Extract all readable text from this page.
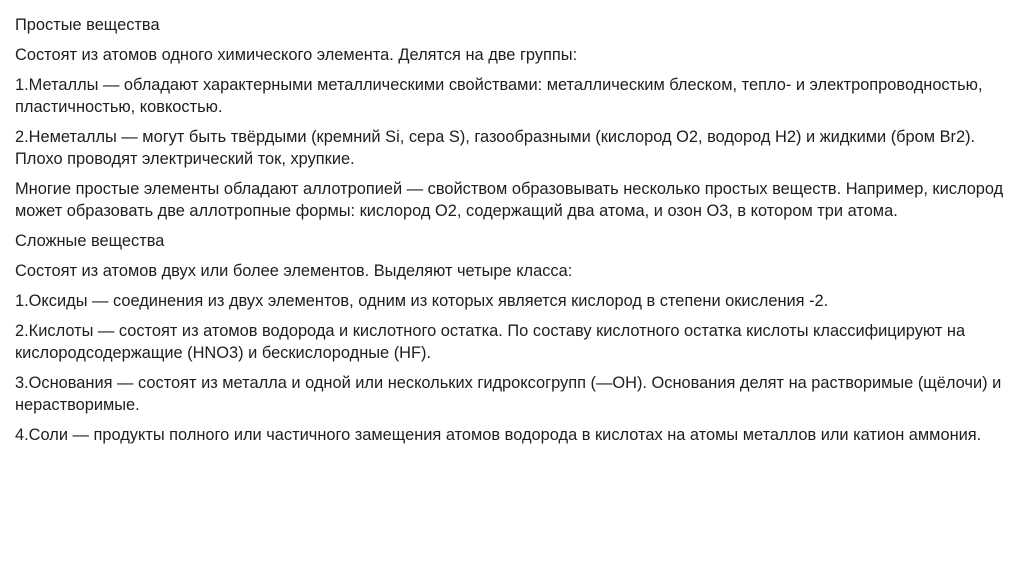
Простые вещества

Состоят из атомов одного химического элемента. Делятся на две группы:

1.Металлы — обладают характерными металлическими свойствами: металлическим блеском, тепло- и электропроводностью, пластичностью, ковкостью.

2.Неметаллы — могут быть твёрдыми (кремний Si, сера S), газообразными (кислород O2, водород H2) и жидкими (бром Br2). Плохо проводят электрический ток, хрупкие.

Многие простые элементы обладают аллотропией — свойством образовывать несколько простых веществ. Например, кислород может образовать две аллотропные формы: кислород O2, содержащий два атома, и озон O3, в котором три атома.

Сложные вещества

Состоят из атомов двух или более элементов. Выделяют четыре класса:

1.Оксиды — соединения из двух элементов, одним из которых является кислород в степени окисления -2.

2.Кислоты — состоят из атомов водорода и кислотного остатка. По составу кислотного остатка кислоты классифицируют на кислородсодержащие (HNO3) и бескислородные (HF).

3.Основания — состоят из металла и одной или нескольких гидроксогрупп (—OH). Основания делят на растворимые (щёлочи) и нерастворимые.

4.Соли — продукты полного или частичного замещения атомов водорода в кислотах на атомы металлов или катион аммония.
